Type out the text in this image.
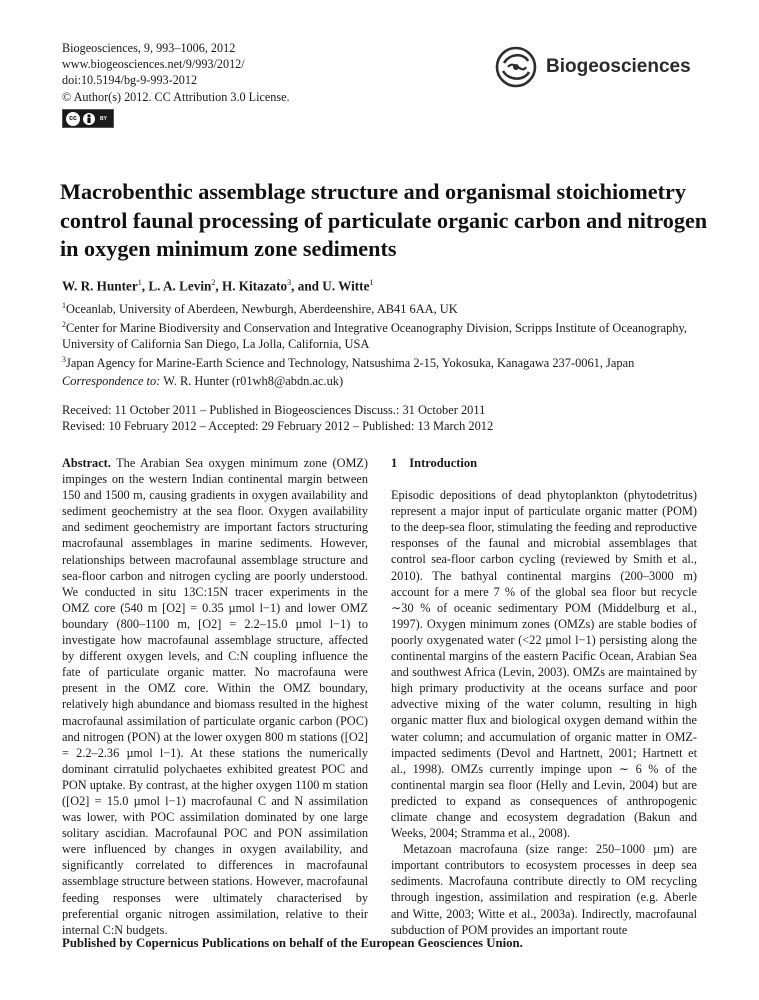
Biogeosciences, 9, 993–1006, 2012
www.biogeosciences.net/9/993/2012/
doi:10.5194/bg-9-993-2012
© Author(s) 2012. CC Attribution 3.0 License.
cc	BY
Biogeosciences
Macrobenthic assemblage structure and organismal stoichiometry control faunal processing of particulate organic carbon and nitrogen in oxygen minimum zone sediments
W. R. Hunter$^1$, L. A. Levin$^2$, H. Kitazato$^3$, and U. Witte$^1$
$^1$Oceanlab, University of Aberdeen, Newburgh, Aberdeenshire, AB41 6AA, UK
$^2$Center for Marine Biodiversity and Conservation and Integrative Oceanography Division, Scripps Institute of Oceanography, University of California San Diego, La Jolla, California, USA
$^3$Japan Agency for Marine-Earth Science and Technology, Natsushima 2-15, Yokosuka, Kanagawa 237-0061, Japan
Correspondence to: W. R. Hunter (r01wh8@abdn.ac.uk)
Received: 11 October 2011 – Published in Biogeosciences Discuss.: 31 October 2011
Revised: 10 February 2012 – Accepted: 29 February 2012 – Published: 13 March 2012

Abstract. The Arabian Sea oxygen minimum zone (OMZ) impinges on the western Indian continental margin between 150 and 1500 m, causing gradients in oxygen availability and sediment geochemistry at the sea floor. Oxygen availability and sediment geochemistry are important factors structuring macrofaunal assemblages in marine sediments. However, relationships between macrofaunal assemblage structure and sea-floor carbon and nitrogen cycling are poorly understood. We conducted in situ 13C:15N tracer experiments in the OMZ core (540 m [O2] = 0.35 µmol l−1) and lower OMZ boundary (800–1100 m, [O2] = 2.2–15.0 µmol l−1) to investigate how macrofaunal assemblage structure, affected by different oxygen levels, and C:N coupling influence the fate of particulate organic matter. No macrofauna were present in the OMZ core. Within the OMZ boundary, relatively high abundance and biomass resulted in the highest macrofaunal assimilation of particulate organic carbon (POC) and nitrogen (PON) at the lower oxygen 800 m stations ([O2] = 2.2–2.36 µmol l−1). At these stations the numerically dominant cirratulid polychaetes exhibited greatest POC and PON uptake. By contrast, at the higher oxygen 1100 m station ([O2] = 15.0 µmol l−1) macrofaunal C and N assimilation was lower, with POC assimilation dominated by one large solitary ascidian. Macrofaunal POC and PON assimilation were influenced by changes in oxygen availability, and significantly correlated to differences in macrofaunal assemblage structure between stations. However, macrofaunal feeding responses were ultimately characterised by preferential organic nitrogen assimilation, relative to their internal C:N budgets.

1 Introduction

Episodic depositions of dead phytoplankton (phytodetritus) represent a major input of particulate organic matter (POM) to the deep-sea floor, stimulating the feeding and reproductive responses of the faunal and microbial assemblages that control sea-floor carbon cycling (reviewed by Smith et al., 2010). The bathyal continental margins (200–3000 m) account for a mere 7 % of the global sea floor but recycle ∼30 % of oceanic sedimentary POM (Middelburg et al., 1997). Oxygen minimum zones (OMZs) are stable bodies of poorly oxygenated water (<22 µmol l−1) persisting along the continental margins of the eastern Pacific Ocean, Arabian Sea and southwest Africa (Levin, 2003). OMZs are maintained by high primary productivity at the oceans surface and poor advective mixing of the water column, resulting in high organic matter flux and biological oxygen demand within the water column; and accumulation of organic matter in OMZ-impacted sediments (Devol and Hartnett, 2001; Hartnett et al., 1998). OMZs currently impinge upon ∼ 6 % of the continental margin sea floor (Helly and Levin, 2004) but are predicted to expand as consequences of anthropogenic climate change and ecosystem degradation (Bakun and Weeks, 2004; Stramma et al., 2008).

Metazoan macrofauna (size range: 250–1000 µm) are important contributors to ecosystem processes in deep sea sediments. Macrofauna contribute directly to OM recycling through ingestion, assimilation and respiration (e.g. Aberle and Witte, 2003; Witte et al., 2003a). Indirectly, macrofaunal subduction of POM provides an important route

Published by Copernicus Publications on behalf of the European Geosciences Union.
